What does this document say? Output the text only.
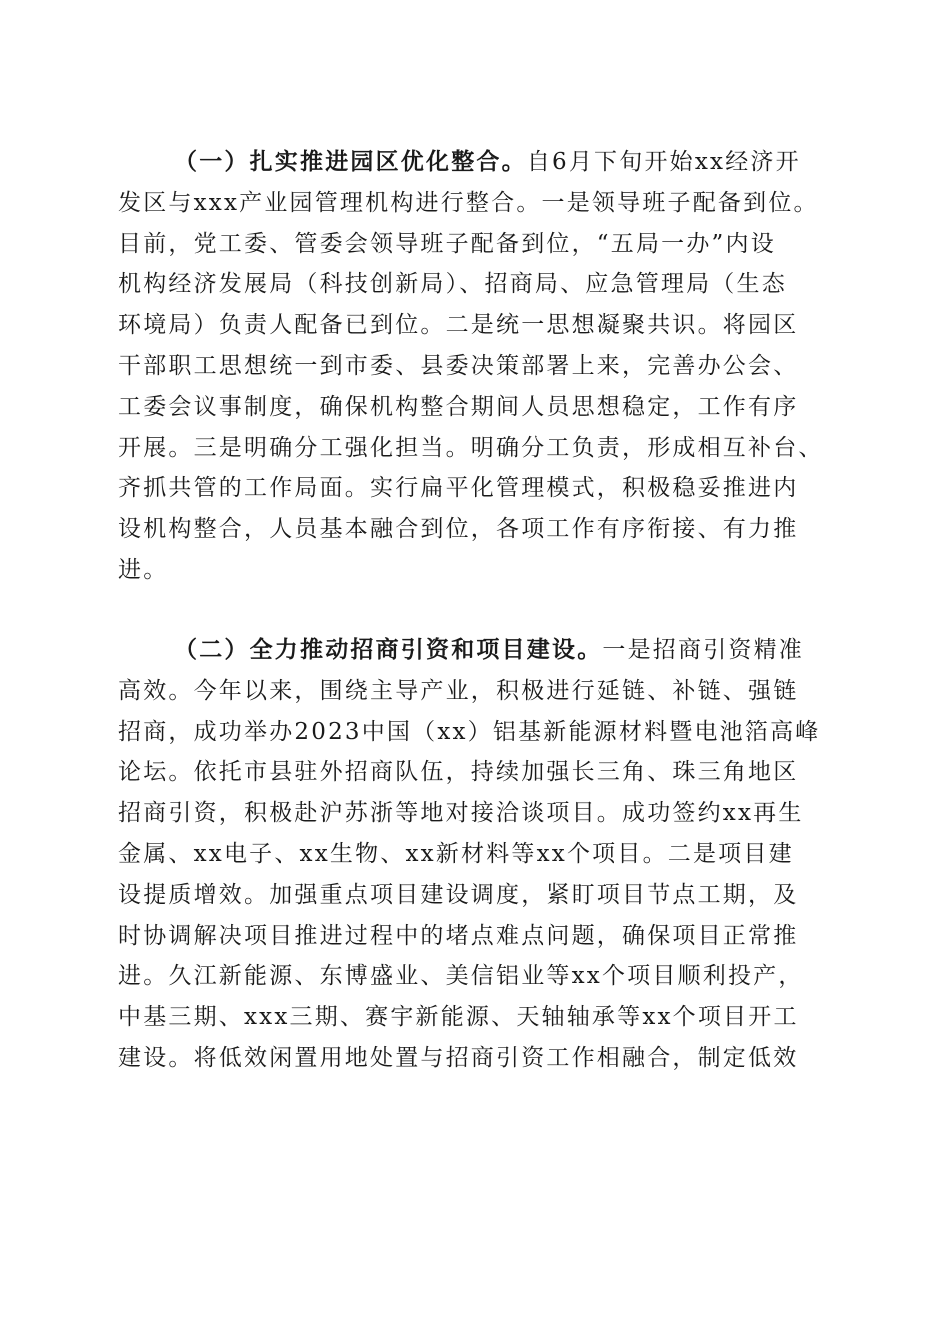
（一）扎实推进园区优化整合。自6月下旬开始xx经济开
发区与xxx产业园管理机构进行整合。一是领导班子配备到位。
目前，党工委、管委会领导班子配备到位，“五局一办”内设
机构经济发展局（科技创新局）、招商局、应急管理局（生态
环境局）负责人配备已到位。二是统一思想凝聚共识。将园区
干部职工思想统一到市委、县委决策部署上来，完善办公会、
工委会议事制度，确保机构整合期间人员思想稳定，工作有序
开展。三是明确分工强化担当。明确分工负责，形成相互补台、
齐抓共管的工作局面。实行扁平化管理模式，积极稳妥推进内
设机构整合，人员基本融合到位，各项工作有序衔接、有力推
进。
（二）全力推动招商引资和项目建设。一是招商引资精准
高效。今年以来，围绕主导产业，积极进行延链、补链、强链
招商，成功举办2023中国（xx）铝基新能源材料暨电池箔高峰
论坛。依托市县驻外招商队伍，持续加强长三角、珠三角地区
招商引资，积极赴沪苏浙等地对接洽谈项目。成功签约xx再生
金属、xx电子、xx生物、xx新材料等xx个项目。二是项目建
设提质增效。加强重点项目建设调度，紧盯项目节点工期，及
时协调解决项目推进过程中的堵点难点问题，确保项目正常推
进。久江新能源、东博盛业、美信铝业等xx个项目顺利投产，
中基三期、xxx三期、赛宇新能源、天轴轴承等xx个项目开工
建设。将低效闲置用地处置与招商引资工作相融合，制定低效
